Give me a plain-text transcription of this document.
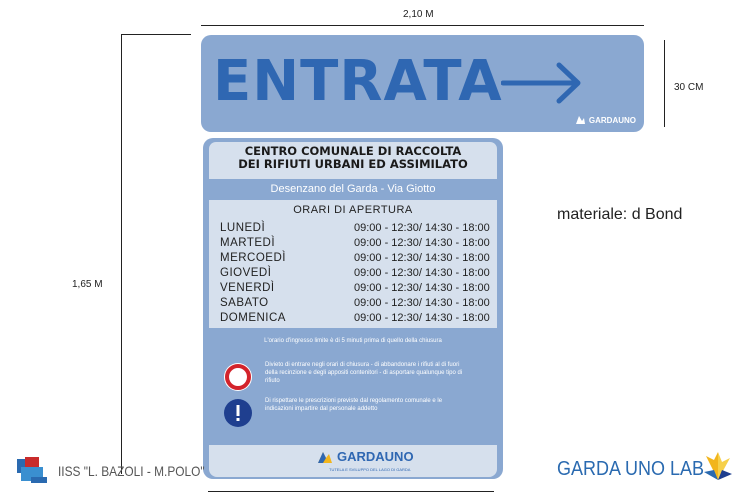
2,10 M
30 CM
1,65 M
ENTRATA
GARDAUNO
CENTRO COMUNALE DI RACCOLTA
DEI RIFIUTI URBANI ED ASSIMILATO
Desenzano del Garda - Via Giotto
ORARI DI APERTURA
LUNEDÌ	09:00 - 12:30/ 14:30 - 18:00
MARTEDÌ	09:00 - 12:30/ 14:30 - 18:00
MERCOEDÌ	09:00 - 12:30/ 14:30 - 18:00
GIOVEDÌ	09:00 - 12:30/ 14:30 - 18:00
VENERDÌ	09:00 - 12:30/ 14:30 - 18:00
SABATO	09:00 - 12:30/ 14:30 - 18:00
DOMENICA	09:00 - 12:30/ 14:30 - 18:00
L'orario d'ingresso limite è di 5 minuti prima di quello della chiusura
Divieto di entrare negli orari di chiusura - di abbandonare i rifiuti al di fuori della recinzione e degli appositi contenitori - di asportare qualunque tipo di rifiuto
Di rispettare le prescrizioni previste dal regolamento comunale e le indicazioni impartire dal personale addetto
GARDAUNO
TUTELA E SVILUPPO DEL LAGO DI GARDA
materiale: d Bond
IISS "L. BAZOLI - M.POLO"	GARDA UNO LAB
